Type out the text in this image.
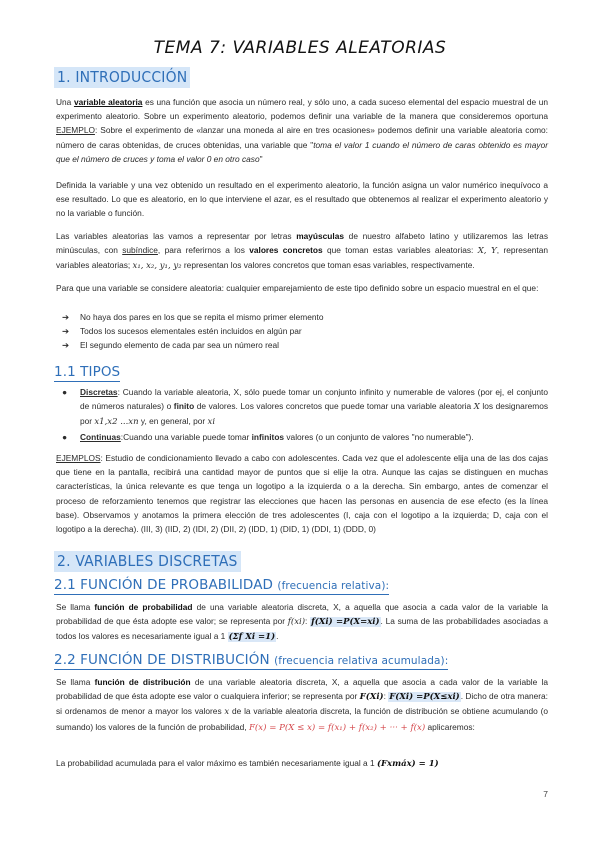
TEMA 7: VARIABLES ALEATORIAS
1. INTRODUCCIÓN
Una variable aleatoria es una función que asocia un número real, y sólo uno, a cada suceso elemental del espacio muestral de un experimento aleatorio. Sobre un experimento aleatorio, podemos definir una variable de la manera que consideremos oportuna EJEMPLO: Sobre el experimento de «lanzar una moneda al aire en tres ocasiones» podemos definir una variable aleatoria como: número de caras obtenidas, de cruces obtenidas, una variable que "toma el valor 1 cuando el número de caras obtenido es mayor que el número de cruces y toma el valor 0 en otro caso"
Definida la variable y una vez obtenido un resultado en el experimento aleatorio, la función asigna un valor numérico inequívoco a ese resultado. Lo que es aleatorio, en lo que interviene el azar, es el resultado que obtenemos al realizar el experimento aleatorio y no la variable o función.
Las variables aleatorias las vamos a representar por letras mayúsculas de nuestro alfabeto latino y utilizaremos las letras minúsculas, con subíndice, para referirnos a los valores concretos que toman estas variables aleatorias: X, Y, representan variables aleatorias; x₁, x₂, y₁, y₂ representan los valores concretos que toman esas variables, respectivamente.
Para que una variable se considere aleatoria: cualquier emparejamiento de este tipo definido sobre un espacio muestral en el que:
➔ No haya dos pares en los que se repita el mismo primer elemento
➔ Todos los sucesos elementales estén incluidos en algún par
➔ El segundo elemento de cada par sea un número real
1.1 TIPOS
● Discretas: Cuando la variable aleatoria, X, sólo puede tomar un conjunto infinito y numerable de valores (por ej, el conjunto de números naturales) o finito de valores. Los valores concretos que puede tomar una variable aleatoria X los designaremos por x1,x2 ...xn y, en general, por xi
● Continuas:Cuando una variable puede tomar infinitos valores (o un conjunto de valores "no numerable").
EJEMPLOS: Estudio de condicionamiento llevado a cabo con adolescentes. Cada vez que el adolescente elija una de las dos cajas que tiene en la pantalla, recibirá una cantidad mayor de puntos que si elije la otra. Aunque las cajas se distinguen en muchas características, la única relevante es que tenga un logotipo a la izquierda o a la derecha. Sin embargo, antes de comenzar el proceso de reforzamiento tenemos que registrar las elecciones que hacen las personas en ausencia de ese efecto (es la línea base). Observamos y anotamos la primera elección de tres adolescentes (I, caja con el logotipo a la izquierda; D, caja con el logotipo a la derecha). (III, 3) (IID, 2) (IDI, 2) (DII, 2) (IDD, 1) (DID, 1) (DDI, 1) (DDD, 0)
2. VARIABLES DISCRETAS
2.1 FUNCIÓN DE PROBABILIDAD (frecuencia relativa):
Se llama función de probabilidad de una variable aleatoria discreta, X, a aquella que asocia a cada valor de la variable la probabilidad de que ésta adopte ese valor; se representa por f(xi): f(Xi) =P(X=xi). La suma de las probabilidades asociadas a todos los valores es necesariamente igual a 1 (Σf Xi =1).
2.2 FUNCIÓN DE DISTRIBUCIÓN (frecuencia relativa acumulada):
Se llama función de distribución de una variable aleatoria discreta, X, a aquella que asocia a cada valor de la variable la probabilidad de que ésta adopte ese valor o cualquiera inferior; se representa por F(Xi): F(Xi) =P(X≤xi). Dicho de otra manera: si ordenamos de menor a mayor los valores x de la variable aleatoria discreta, la función de distribución se obtiene acumulando (o sumando) los valores de la función de probabilidad, F(x) = P(X ≤ x) = f(x₁) + f(x₂) + ··· + f(x) aplicaremos:
La probabilidad acumulada para el valor máximo es también necesariamente igual a 1 (Fxmáx) = 1)
7
